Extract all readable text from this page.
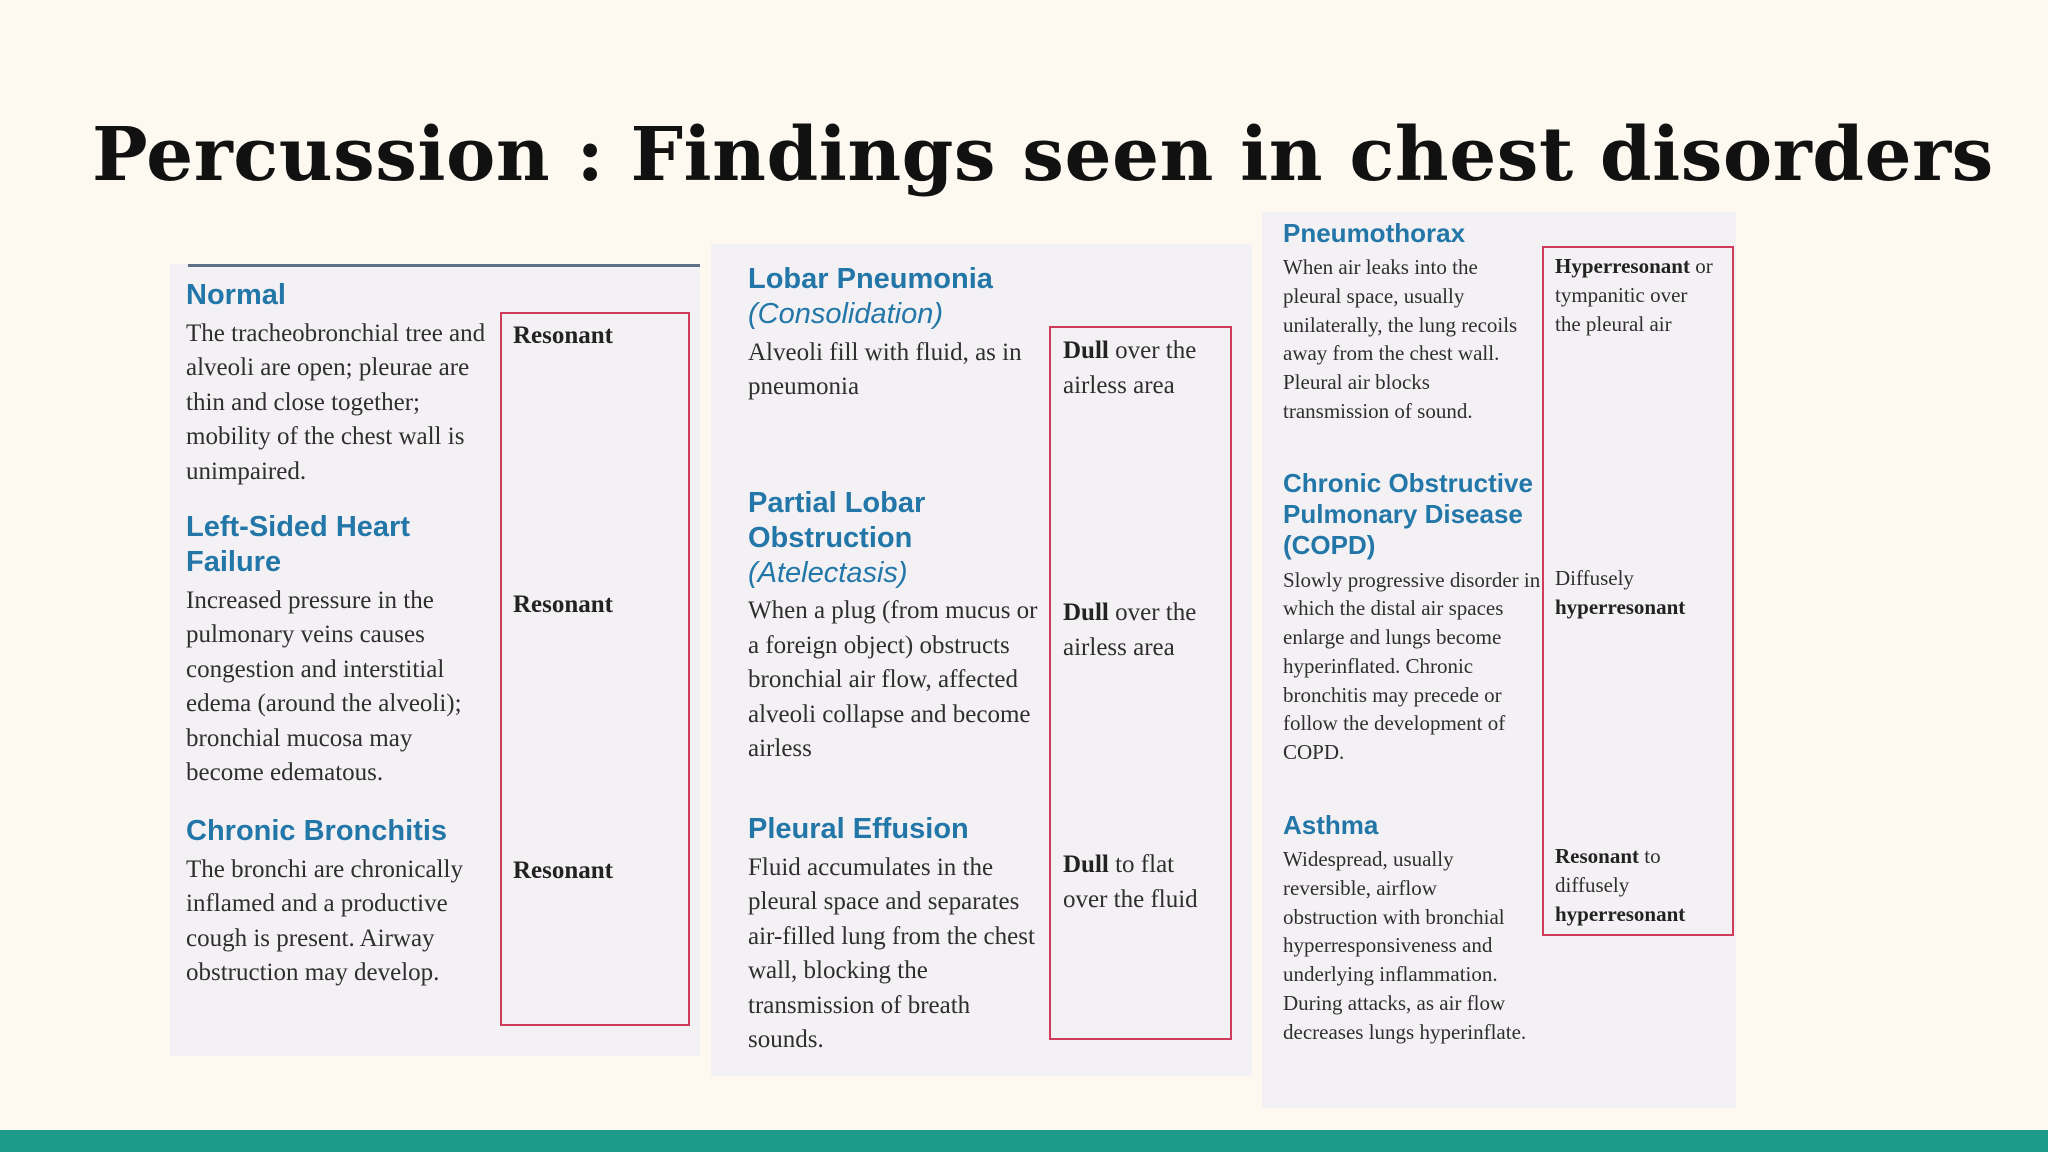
Percussion : Findings seen in chest disorders
Normal

The tracheobronchial tree and alveoli are open; pleurae are thin and close together; mobility of the chest wall is unimpaired.

Resonant

Left-Sided Heart Failure

Increased pressure in the pulmonary veins causes congestion and interstitial edema (around the alveoli); bronchial mucosa may become edematous.

Resonant

Chronic Bronchitis

The bronchi are chronically inflamed and a productive cough is present. Airway obstruction may develop.

Resonant

Lobar Pneumonia
(Consolidation)

Alveoli fill with fluid, as in pneumonia

Dull over the airless area

Partial Lobar Obstruction
(Atelectasis)

When a plug (from mucus or a foreign object) obstructs bronchial air flow, affected alveoli collapse and become airless

Dull over the airless area

Pleural Effusion

Fluid accumulates in the pleural space and separates air-filled lung from the chest wall, blocking the transmission of breath sounds.

Dull to flat over the fluid

Pneumothorax

When air leaks into the pleural space, usually unilaterally, the lung recoils away from the chest wall. Pleural air blocks transmission of sound.

Hyperresonant or tympanitic over the pleural air

Chronic Obstructive Pulmonary Disease (COPD)

Slowly progressive disorder in which the distal air spaces enlarge and lungs become hyperinflated. Chronic bronchitis may precede or follow the development of COPD.

Diffusely hyperresonant

Asthma

Widespread, usually reversible, airflow obstruction with bronchial hyperresponsiveness and underlying inflammation. During attacks, as air flow decreases lungs hyperinflate.

Resonant to diffusely hyperresonant
